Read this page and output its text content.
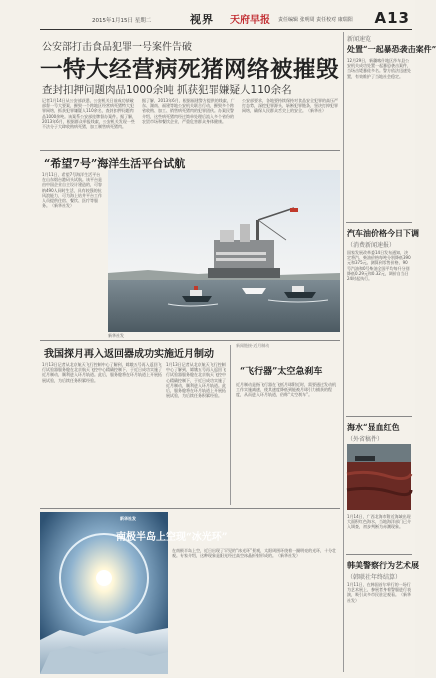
2015年1月15日 星期二	视界 天府早报 责任编辑 张明周 责任校对 康瑞阳 A13
公安部打击食品犯罪一号案件告破
一特大经营病死猪网络被摧毁
查封扣押问题肉品1000余吨 抓获犯罪嫌疑人110余名
记者1月14日从公安部获悉，公安机关日前成功侦破部督一号大要案，摧毁一个跨地区经营病死猪特大犯罪网络，抓获犯罪嫌疑人110余名，查封扣押问题肉品1000余吨。该案系公安部挂牌督办案件。据了解，2013年6月，根据群众举报线索，公安机关发现一些不法分子大肆收购病死猪，加工制售病死猪肉。
据了解，2013年6月，根据福建警方提供的线索，广东、湖南、福建等地公安机关联合行动，摧毁多个跨省收购、加工、销售病死猪肉的犯罪团伙。办案民警介绍，这些病死猪肉经过简单处理后流入多个省份的农贸市场和餐饮企业，严重危害群众身体健康。
公安部要求，各地要持续保持对食品安全犯罪的高压严打态势，深挖犯罪源头，斩断犯罪链条，坚决打掉犯罪网络，确保人民群众舌尖上的安全。（新华社）
“希望7号”海洋生活平台试航
1月11日，希望7号海洋生活平台在山东烟台港码头试航。该平台是由中国企业自主设计建造的，可容纳490人同时生活，具有较强的抗风浪能力，可为海上钻井平台工作人员提供住宿、餐饮、医疗等服务。（新华社发）
新华社发
我国探月再入返回器成功实施近月制动
1月13日记者从北京航天飞行控制中心了解到，嫦娥五号再入返回飞行试验器服务舱在北京航天飞控中心精确控制下，于近日成功实施了近月制动，顺利进入环月轨道。此后，服务舱将在环月轨道上开展拓展试验，为后续任务积累经验。
1月13日记者从北京航天飞行控制中心了解到，嫦娥五号再入返回飞行试验器服务舱在北京航天飞控中心精确控制下，于近日成功实施了近月制动，顺利进入环月轨道。此后，服务舱将在环月轨道上开展拓展试验，为后续任务积累经验。
新闻链接·近月制动
“飞行器”太空急刹车
近月制动是指飞行器在飞抵月球附近时，需要通过发动机工作实施减速，使其速度降低到能被月球引力捕获的程度，从而进入环月轨道，俗称“太空刹车”。
新华社发
南极半岛上空现“冰光环”
在南极半岛上空，近日出现了罕见的“冰光环”景观，太阳周围环绕着一圈明亮的光环，十分壮观。专家介绍，这种现象是阳光经过高空冰晶折射形成的。（新华社发）
新闻速览
处置“一起暴恐袭击案件”
12月29日，新疆喀什地区莎车县公安机关成功处置一起暴恐袭击案件，当场击毙暴徒多名。警方依法迅速处置，有效维护了当地社会稳定。
汽车油价格今日下调
（消费新闻速报）
国家发展改革委14日发布通知，决定将汽、柴油价格每吨分别降低390元和375元。测算到零售价格，90号汽油和0号柴油全国平均每升分别降低0.29元和0.32元，调价自当日24时起执行。
海水“显血红色
（外省稿件）
1月14日，广西北海市附近海域出现大面积红色海水，当地海洋部门已介入调查，初步判断为赤潮现象。
韩美警察行为艺术展
（韩联社年终结算）
1月11日，在韩国首尔举行的一场行为艺术展上，参展者身着警服进行表演，吸引众多市民驻足观看。（新华社发）
